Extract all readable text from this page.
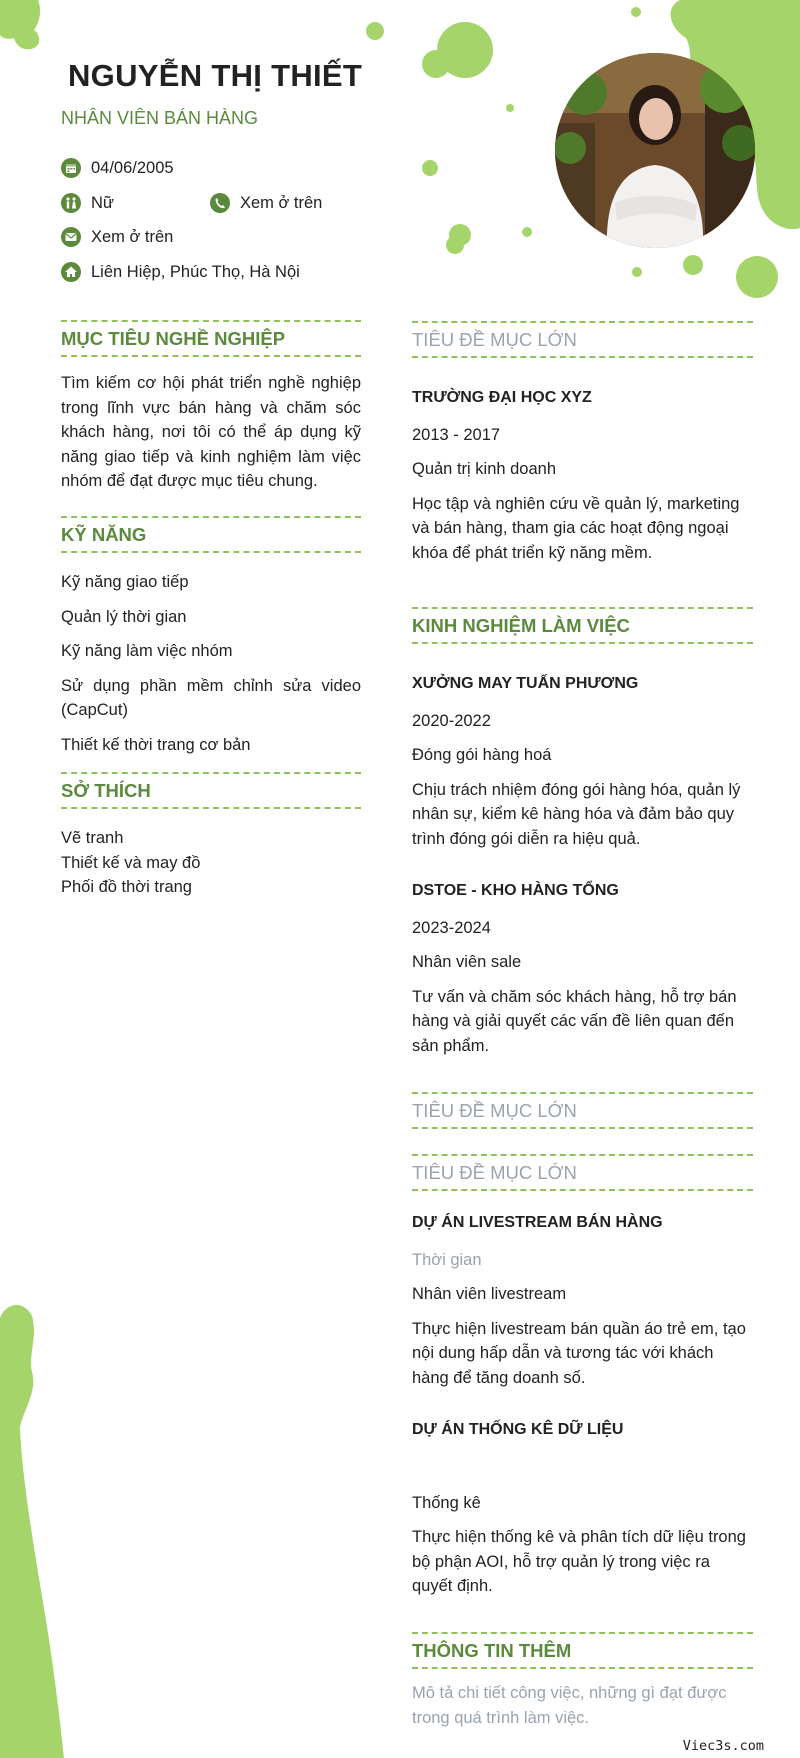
NGUYỄN THỊ THIẾT
NHÂN VIÊN BÁN HÀNG
04/06/2005
Nữ	Xem ở trên
Xem ở trên
Liên Hiệp, Phúc Thọ, Hà Nội
MỤC TIÊU NGHỀ NGHIỆP
Tìm kiếm cơ hội phát triển nghề nghiệp trong lĩnh vực bán hàng và chăm sóc khách hàng, nơi tôi có thể áp dụng kỹ năng giao tiếp và kinh nghiệm làm việc nhóm để đạt được mục tiêu chung.
KỸ NĂNG
Kỹ năng giao tiếp
Quản lý thời gian
Kỹ năng làm việc nhóm
Sử dụng phần mềm chỉnh sửa video (CapCut)
Thiết kế thời trang cơ bản
SỞ THÍCH
Vẽ tranh
Thiết kế và may đồ
Phối đồ thời trang
TIÊU ĐỀ MỤC LỚN
TRƯỜNG ĐẠI HỌC XYZ
2013 - 2017
Quản trị kinh doanh
Học tập và nghiên cứu về quản lý, marketing và bán hàng, tham gia các hoạt động ngoại khóa để phát triển kỹ năng mềm.
KINH NGHIỆM LÀM VIỆC
XƯỞNG MAY TUẤN PHƯƠNG
2020-2022
Đóng gói hàng hoá
Chịu trách nhiệm đóng gói hàng hóa, quản lý nhân sự, kiểm kê hàng hóa và đảm bảo quy trình đóng gói diễn ra hiệu quả.
DSTOE - KHO HÀNG TỔNG
2023-2024
Nhân viên sale
Tư vấn và chăm sóc khách hàng, hỗ trợ bán hàng và giải quyết các vấn đề liên quan đến sản phẩm.
TIÊU ĐỀ MỤC LỚN
TIÊU ĐỀ MỤC LỚN
DỰ ÁN LIVESTREAM BÁN HÀNG
Thời gian
Nhân viên livestream
Thực hiện livestream bán quần áo trẻ em, tạo nội dung hấp dẫn và tương tác với khách hàng để tăng doanh số.
DỰ ÁN THỐNG KÊ DỮ LIỆU
Thống kê
Thực hiện thống kê và phân tích dữ liệu trong bộ phận AOI, hỗ trợ quản lý trong việc ra quyết định.
THÔNG TIN THÊM
Mô tả chi tiết công việc, những gì đạt được trong quá trình làm việc.
Viec3s.com
